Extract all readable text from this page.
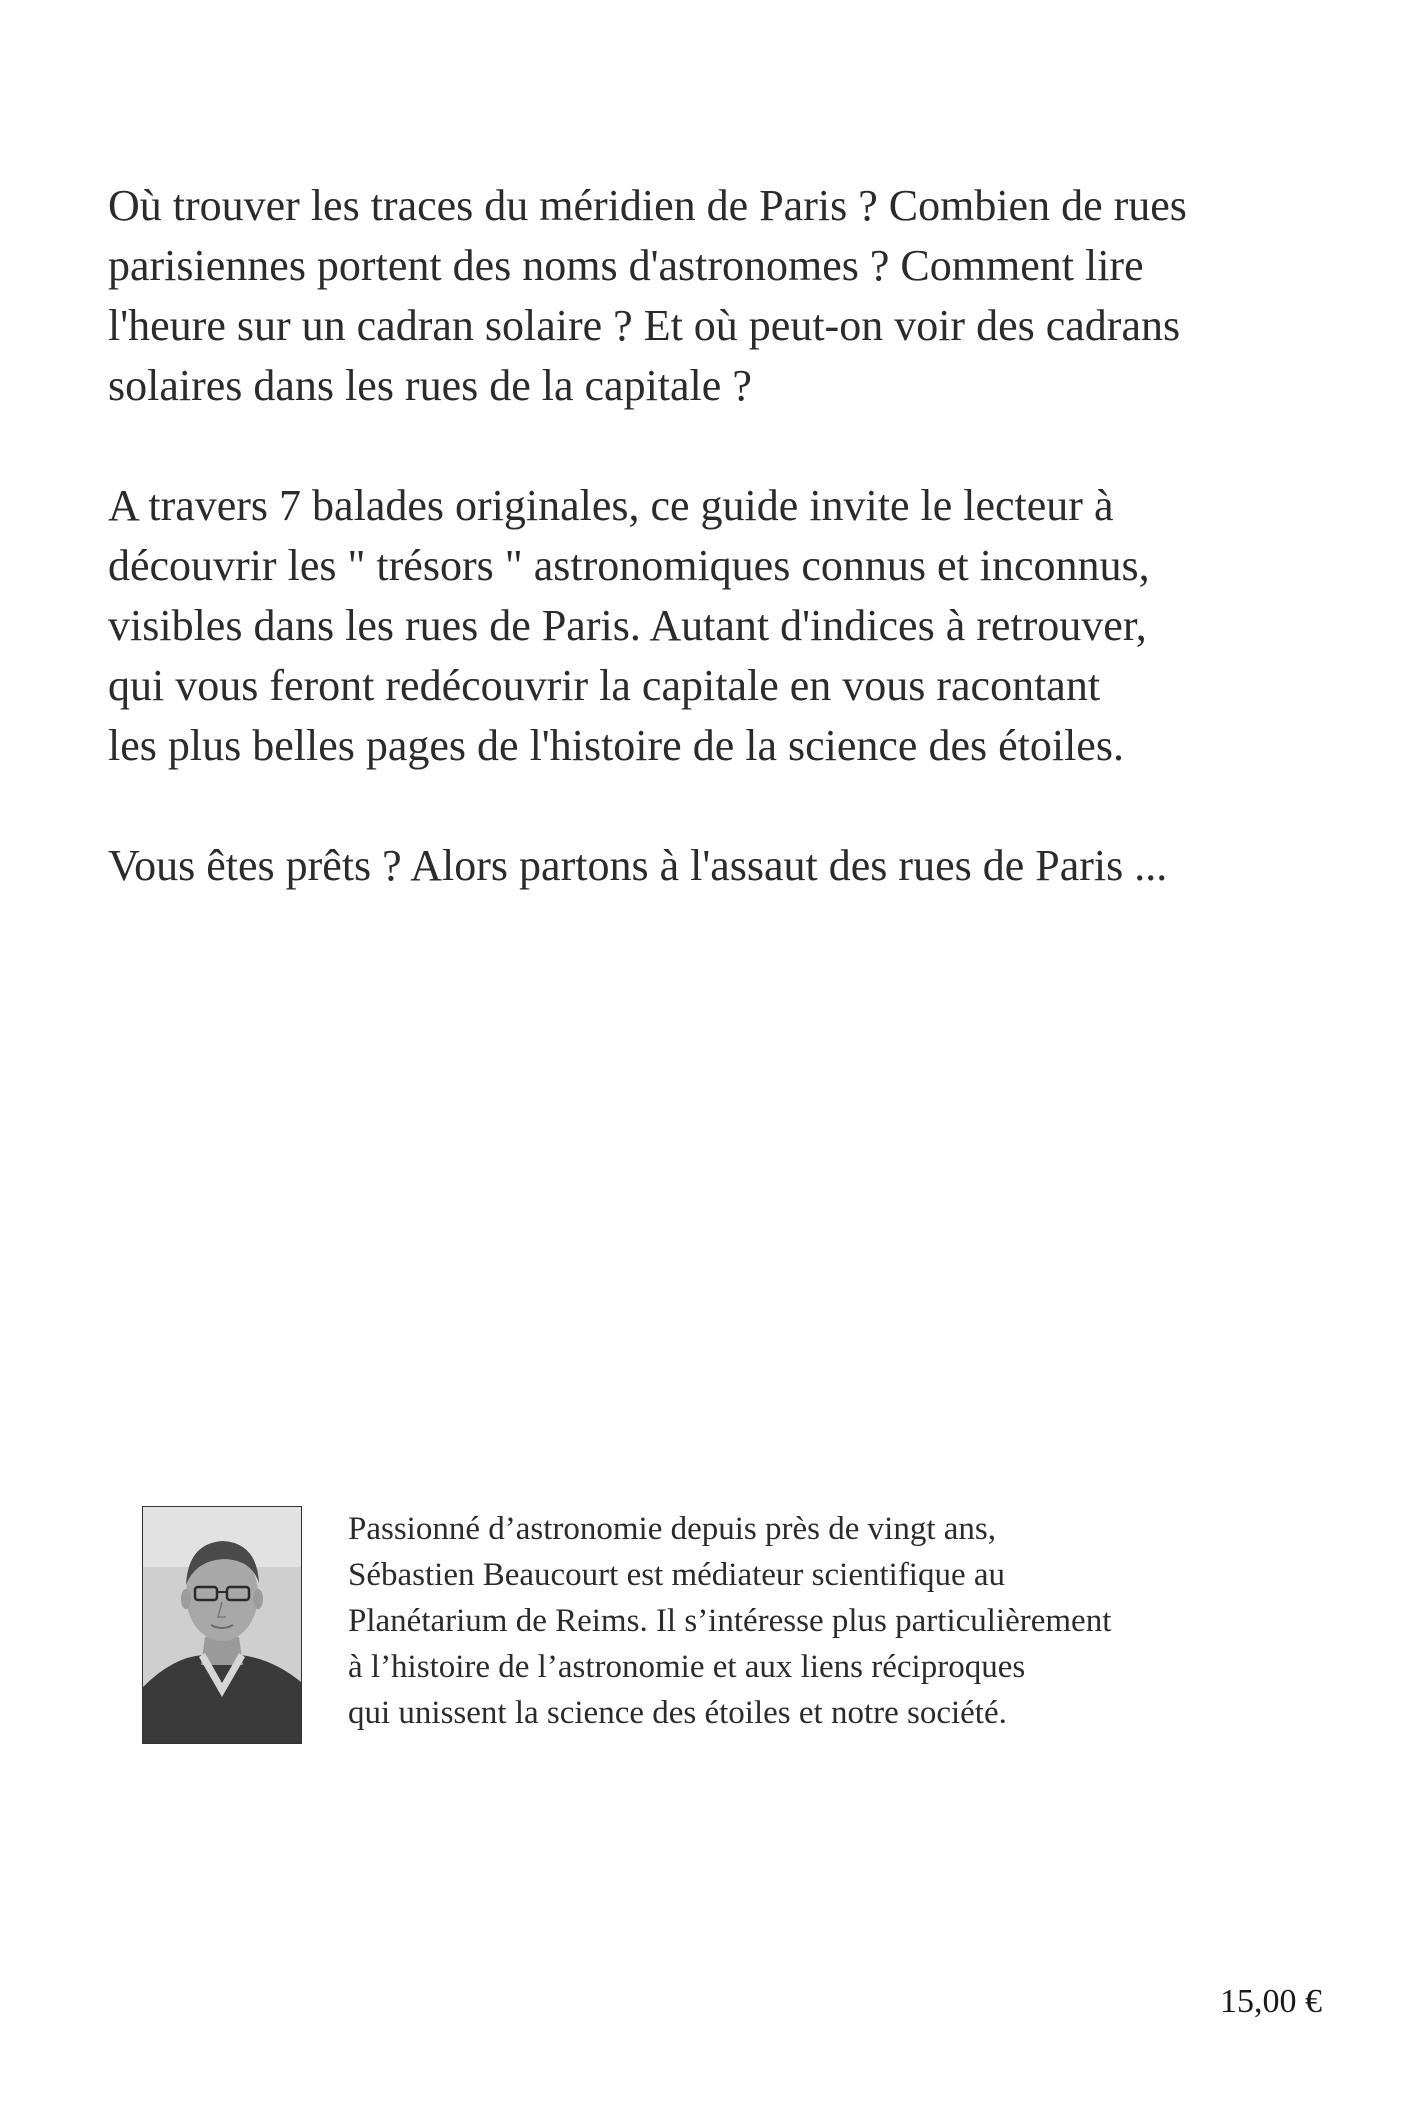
Où trouver les traces du méridien de Paris ? Combien de rues
parisiennes portent des noms d'astronomes ? Comment lire
l'heure sur un cadran solaire ? Et où peut-on voir des cadrans
solaires dans les rues de la capitale ?

A travers 7 balades originales, ce guide invite le lecteur à
découvrir les " trésors " astronomiques connus et inconnus,
visibles dans les rues de Paris. Autant d'indices à retrouver,
qui vous feront redécouvrir la capitale en vous racontant
les plus belles pages de l'histoire de la science des étoiles.

Vous êtes prêts ? Alors partons à l'assaut des rues de Paris ...

Passionné d’astronomie depuis près de vingt ans,
Sébastien Beaucourt est médiateur scientifique au
Planétarium de Reims. Il s’intéresse plus particulièrement
à l’histoire de l’astronomie et aux liens réciproques
qui unissent la science des étoiles et notre société.
15,00 €
